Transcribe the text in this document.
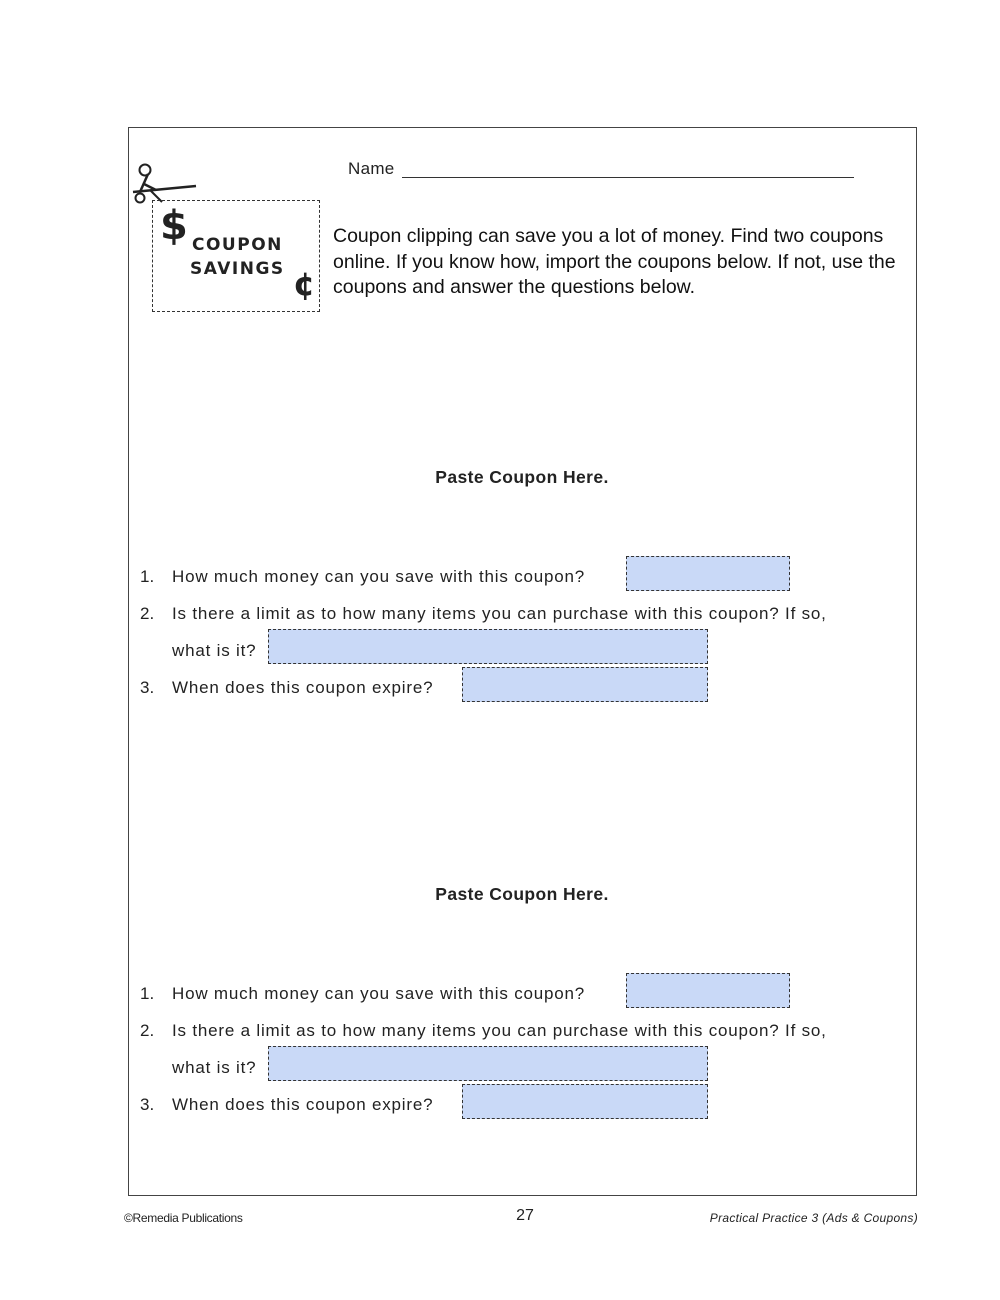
Name
$ COUPON
SAVINGS ¢
Coupon clipping can save you a lot of money. Find two coupons online. If you know how, import the coupons below. If not, use the coupons and answer the questions below.
Paste Coupon Here.
1. How much money can you save with this coupon?
2. Is there a limit as to how many items you can purchase with this coupon? If so,
what is it?
3. When does this coupon expire?
Paste Coupon Here.
1. How much money can you save with this coupon?
2. Is there a limit as to how many items you can purchase with this coupon? If so,
what is it?
3. When does this coupon expire?
©Remedia Publications	27	Practical Practice 3 (Ads & Coupons)
